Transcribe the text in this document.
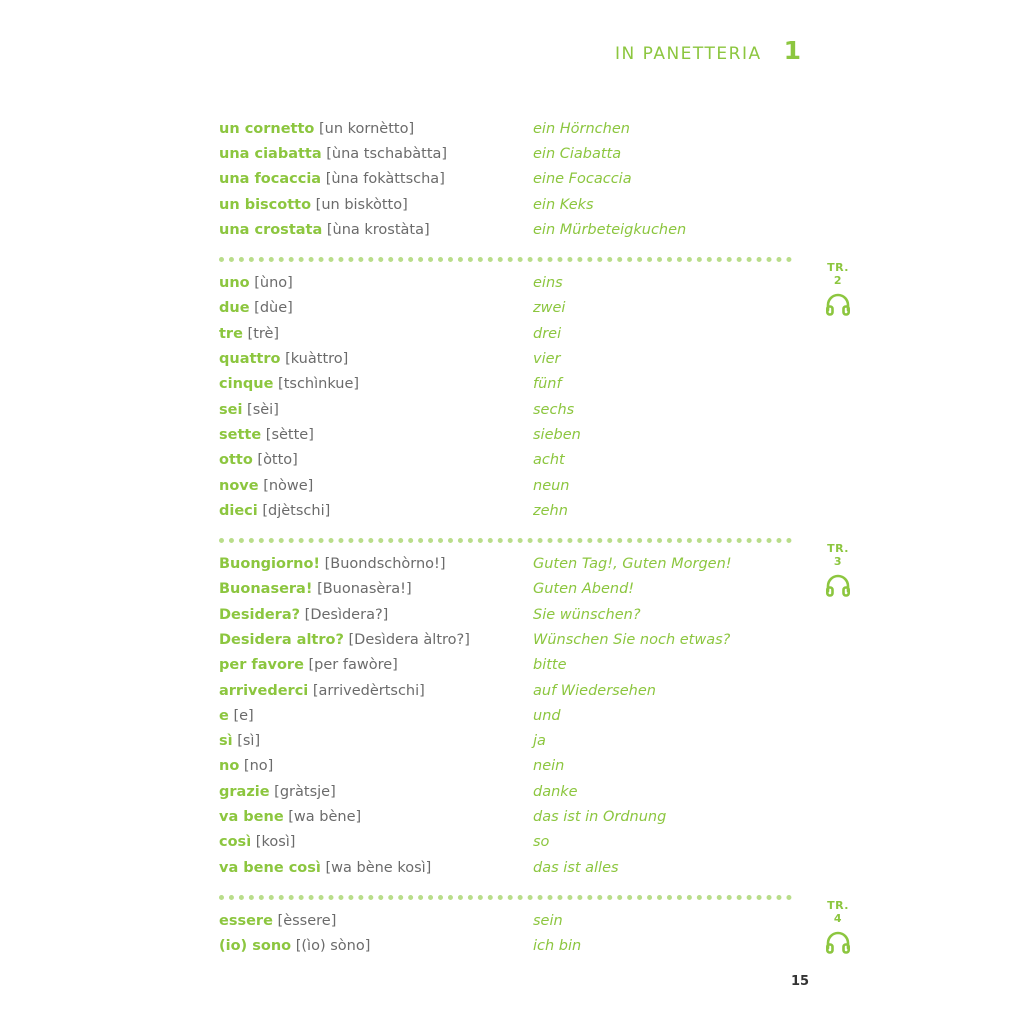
IN PANETTERIA 1
un cornetto [un kornètto]	ein Hörnchen
una ciabatta [ùna tschabàtta]	ein Ciabatta
una focaccia [ùna fokàttscha]	eine Focaccia
un biscotto [un biskòtto]	ein Keks
una crostata [ùna krostàta]	ein Mürbeteigkuchen
TR. 2
uno [ùno]	eins
due [dùe]	zwei
tre [trè]	drei
quattro [kuàttro]	vier
cinque [tschìnkue]	fünf
sei [sèi]	sechs
sette [sètte]	sieben
otto [òtto]	acht
nove [nòwe]	neun
dieci [djètschi]	zehn
TR. 3
Buongiorno! [Buondschòrno!]	Guten Tag!, Guten Morgen!
Buonasera! [Buonasèra!]	Guten Abend!
Desidera? [Desìdera?]	Sie wünschen?
Desidera altro? [Desìdera àltro?]	Wünschen Sie noch etwas?
per favore [per fawòre]	bitte
arrivederci [arrivedèrtschi]	auf Wiedersehen
e [e]	und
sì [sì]	ja
no [no]	nein
grazie [gràtsje]	danke
va bene [wa bène]	das ist in Ordnung
così [kosì]	so
va bene così [wa bène kosì]	das ist alles
TR. 4
essere [èssere]	sein
(io) sono [(ìo) sòno]	ich bin
15
